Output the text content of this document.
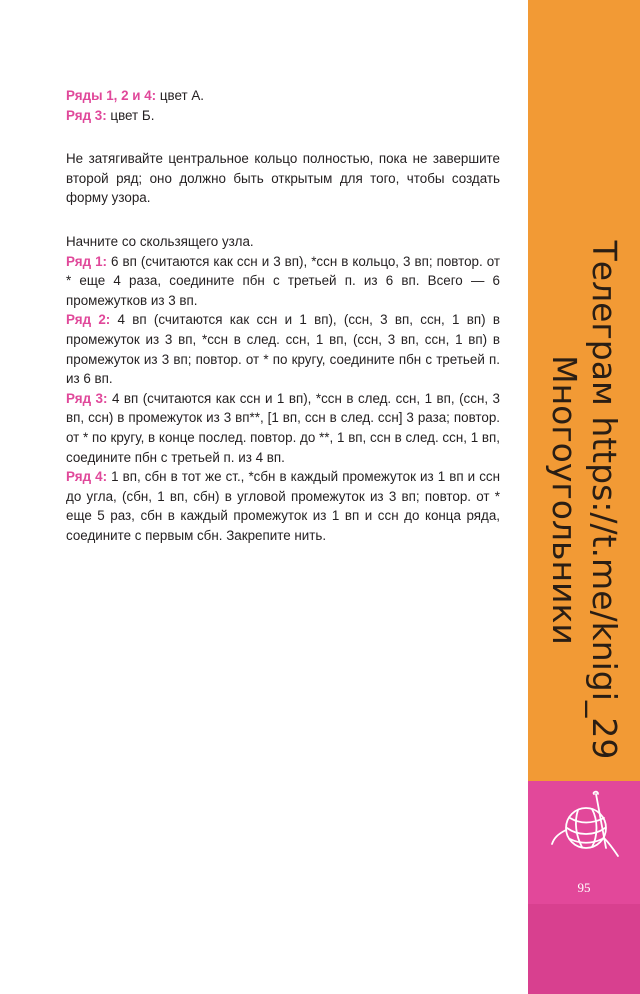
Ряды 1, 2 и 4: цвет А.

Ряд 3: цвет Б.

Не затягивайте центральное кольцо полностью, пока не завершите второй ряд; оно должно быть открытым для того, чтобы создать форму узора.

Начните со скользящего узла.

Ряд 1: 6 вп (считаются как ссн и 3 вп), *ссн в кольцо, 3 вп; повтор. от * еще 4 раза, соедините пбн с третьей п. из 6 вп. Всего — 6 промежутков из 3 вп.

Ряд 2: 4 вп (считаются как ссн и 1 вп), (ссн, 3 вп, ссн, 1 вп) в промежуток из 3 вп, *ссн в след. ссн, 1 вп, (ссн, 3 вп, ссн, 1 вп) в промежуток из 3 вп; повтор. от * по кругу, соедините пбн с третьей п. из 6 вп.

Ряд 3: 4 вп (считаются как ссн и 1 вп), *ссн в след. ссн, 1 вп, (ссн, 3 вп, ссн) в промежуток из 3 вп**, [1 вп, ссн в след. ссн] 3 раза; повтор. от * по кругу, в конце послед. повтор. до **, 1 вп, ссн в след. ссн, 1 вп, соедините пбн с третьей п. из 4 вп.

Ряд 4: 1 вп, сбн в тот же ст., *сбн в каждый промежуток из 1 вп и ссн до угла, (сбн, 1 вп, сбн) в угловой промежуток из 3 вп; повтор. от * еще 5 раз, сбн в каждый промежуток из 1 вп и ссн до конца ряда, соедините с первым сбн. Закрепите нить.	Телеграм https://t.me/knigi_29
Многоугольники
95
